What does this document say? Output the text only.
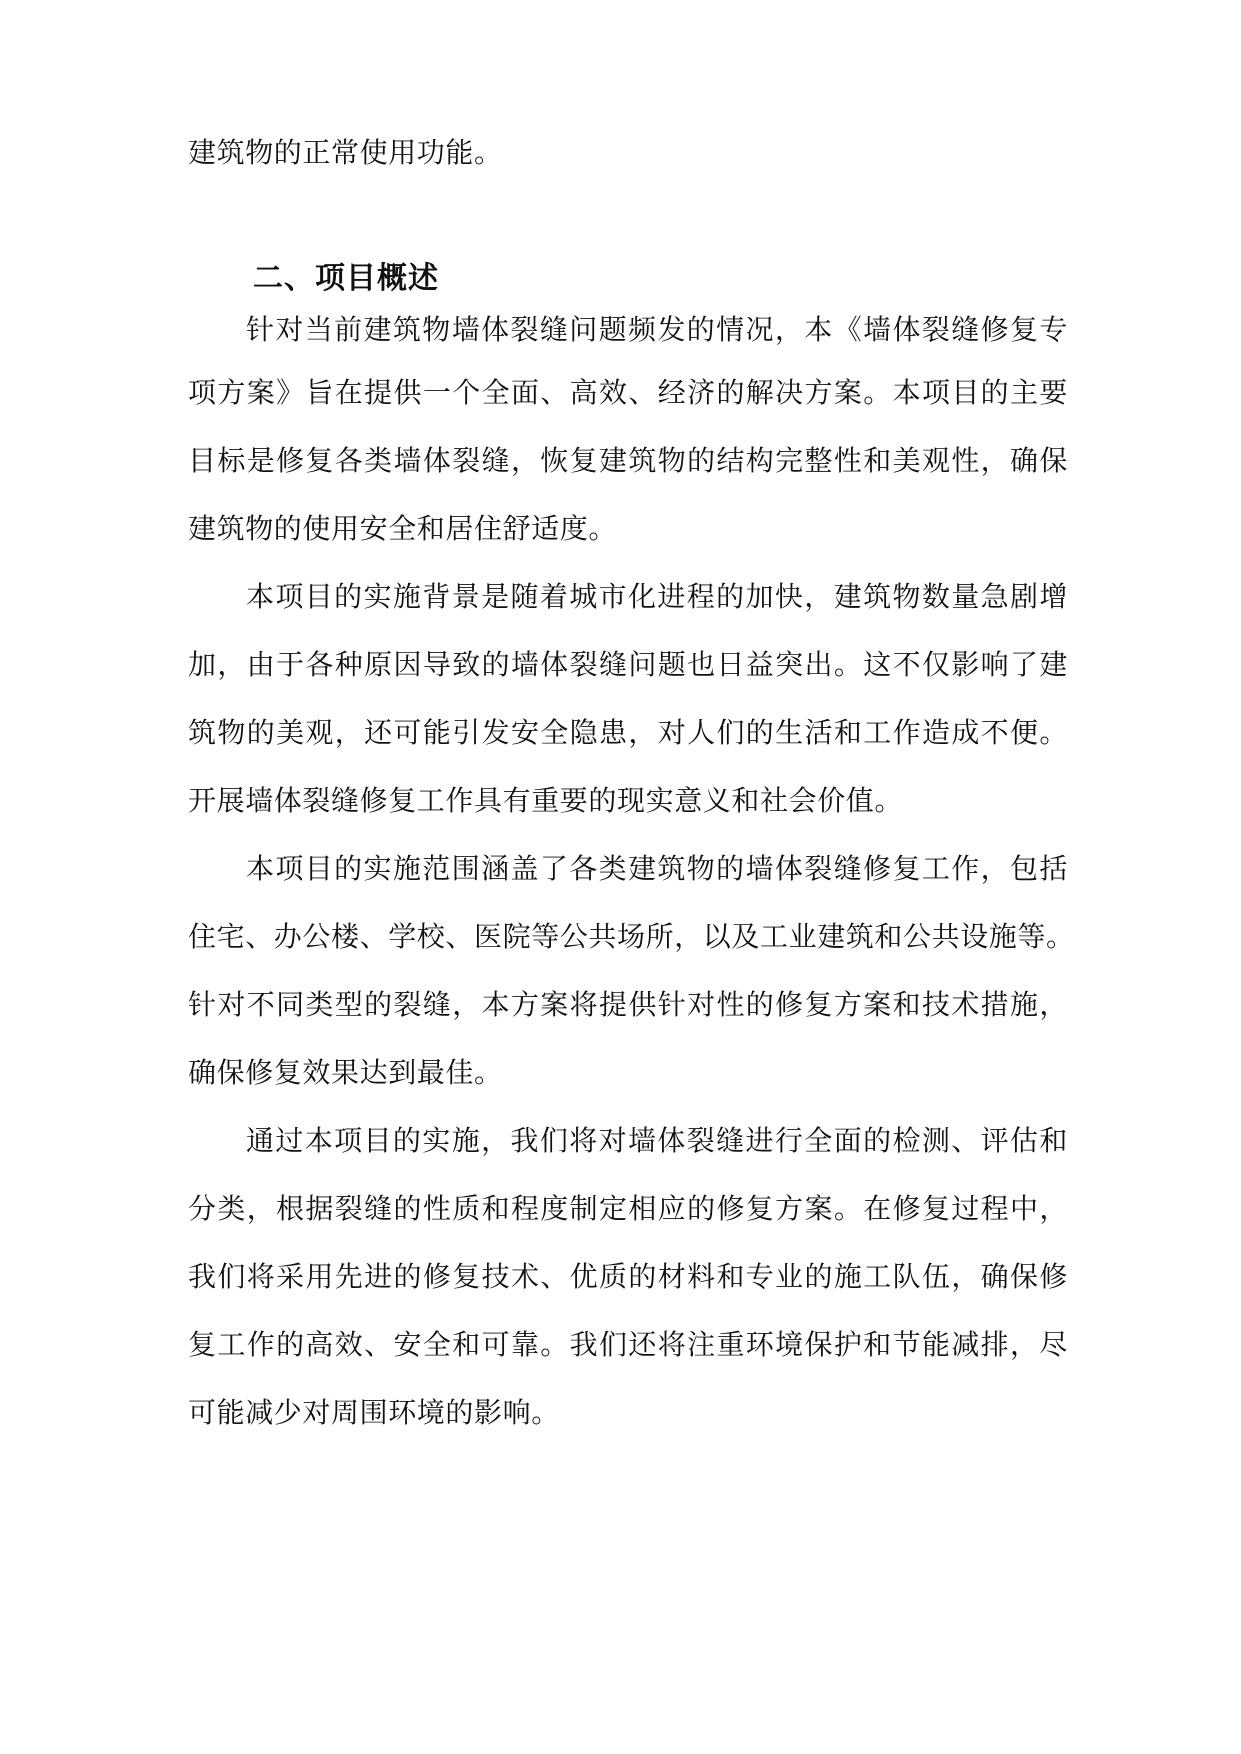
建筑物的正常使用功能。
二、项目概述
针对当前建筑物墙体裂缝问题频发的情况，本《墙体裂缝修复专
项方案》旨在提供一个全面、高效、经济的解决方案。本项目的主要
目标是修复各类墙体裂缝，恢复建筑物的结构完整性和美观性，确保
建筑物的使用安全和居住舒适度。
本项目的实施背景是随着城市化进程的加快，建筑物数量急剧增
加，由于各种原因导致的墙体裂缝问题也日益突出。这不仅影响了建
筑物的美观，还可能引发安全隐患，对人们的生活和工作造成不便。
开展墙体裂缝修复工作具有重要的现实意义和社会价值。
本项目的实施范围涵盖了各类建筑物的墙体裂缝修复工作，包括
住宅、办公楼、学校、医院等公共场所，以及工业建筑和公共设施等。
针对不同类型的裂缝，本方案将提供针对性的修复方案和技术措施，
确保修复效果达到最佳。
通过本项目的实施，我们将对墙体裂缝进行全面的检测、评估和
分类，根据裂缝的性质和程度制定相应的修复方案。在修复过程中，
我们将采用先进的修复技术、优质的材料和专业的施工队伍，确保修
复工作的高效、安全和可靠。我们还将注重环境保护和节能减排，尽
可能减少对周围环境的影响。
